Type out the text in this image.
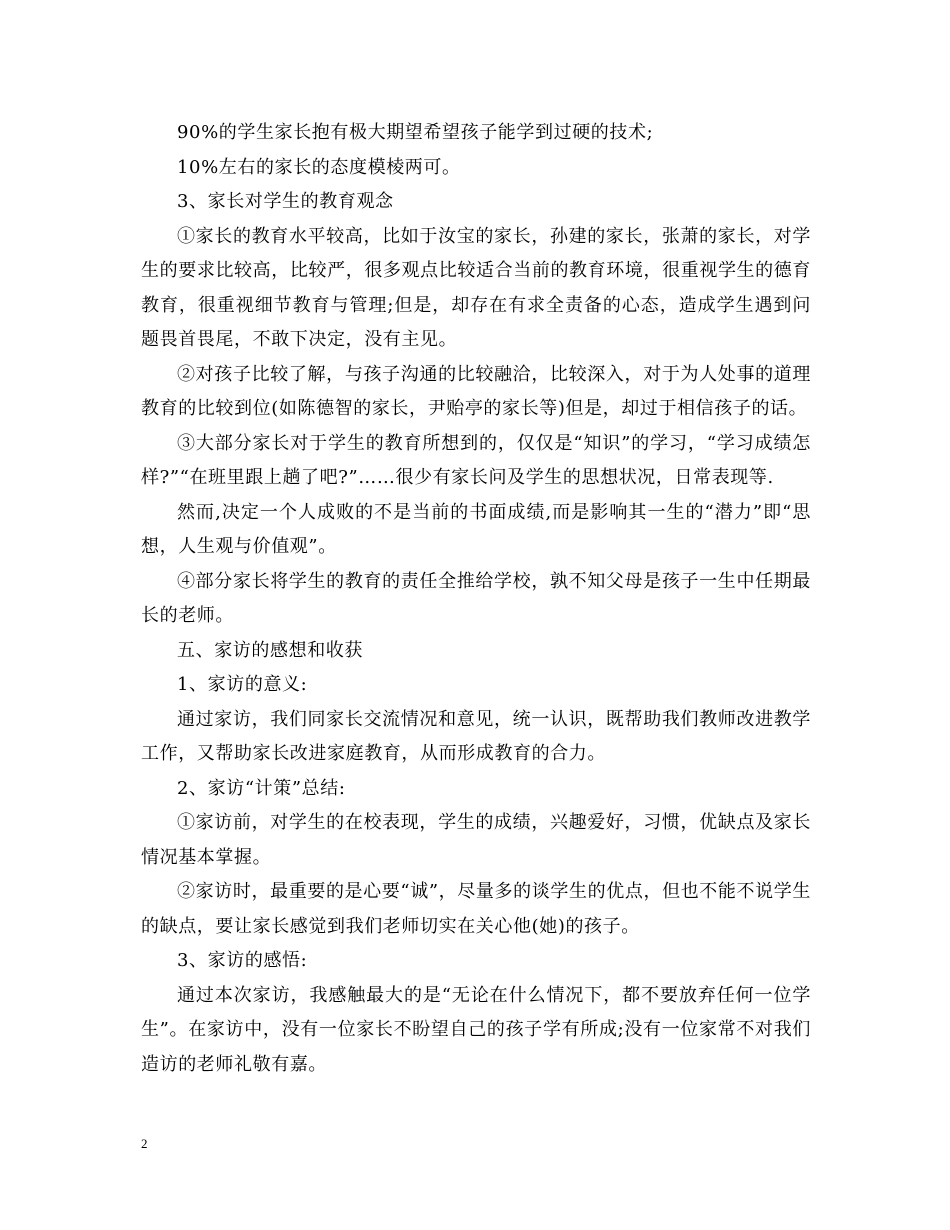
90%的学生家长抱有极大期望希望孩子能学到过硬的技术;

10%左右的家长的态度模棱两可。

3、家长对学生的教育观念

①家长的教育水平较高，比如于汝宝的家长，孙建的家长，张萧的家长，对学生的要求比较高，比较严，很多观点比较适合当前的教育环境，很重视学生的德育教育，很重视细节教育与管理;但是，却存在有求全责备的心态，造成学生遇到问题畏首畏尾，不敢下决定，没有主见。

②对孩子比较了解，与孩子沟通的比较融洽，比较深入，对于为人处事的道理教育的比较到位(如陈德智的家长，尹贻亭的家长等)但是，却过于相信孩子的话。

③大部分家长对于学生的教育所想到的，仅仅是“知识”的学习，“学习成绩怎样?”“在班里跟上趟了吧?”……很少有家长问及学生的思想状况，日常表现等.

然而,决定一个人成败的不是当前的书面成绩,而是影响其一生的“潜力”即“思想，人生观与价值观”。

④部分家长将学生的教育的责任全推给学校，孰不知父母是孩子一生中任期最长的老师。

五、家访的感想和收获

1、家访的意义:

通过家访，我们同家长交流情况和意见，统一认识，既帮助我们教师改进教学工作，又帮助家长改进家庭教育，从而形成教育的合力。

2、家访“计策”总结:

①家访前，对学生的在校表现，学生的成绩，兴趣爱好，习惯，优缺点及家长情况基本掌握。

②家访时，最重要的是心要“诚”，尽量多的谈学生的优点，但也不能不说学生的缺点，要让家长感觉到我们老师切实在关心他(她)的孩子。

3、家访的感悟:

通过本次家访，我感触最大的是“无论在什么情况下，都不要放弃任何一位学生”。在家访中，没有一位家长不盼望自己的孩子学有所成;没有一位家常不对我们造访的老师礼敬有嘉。

2
